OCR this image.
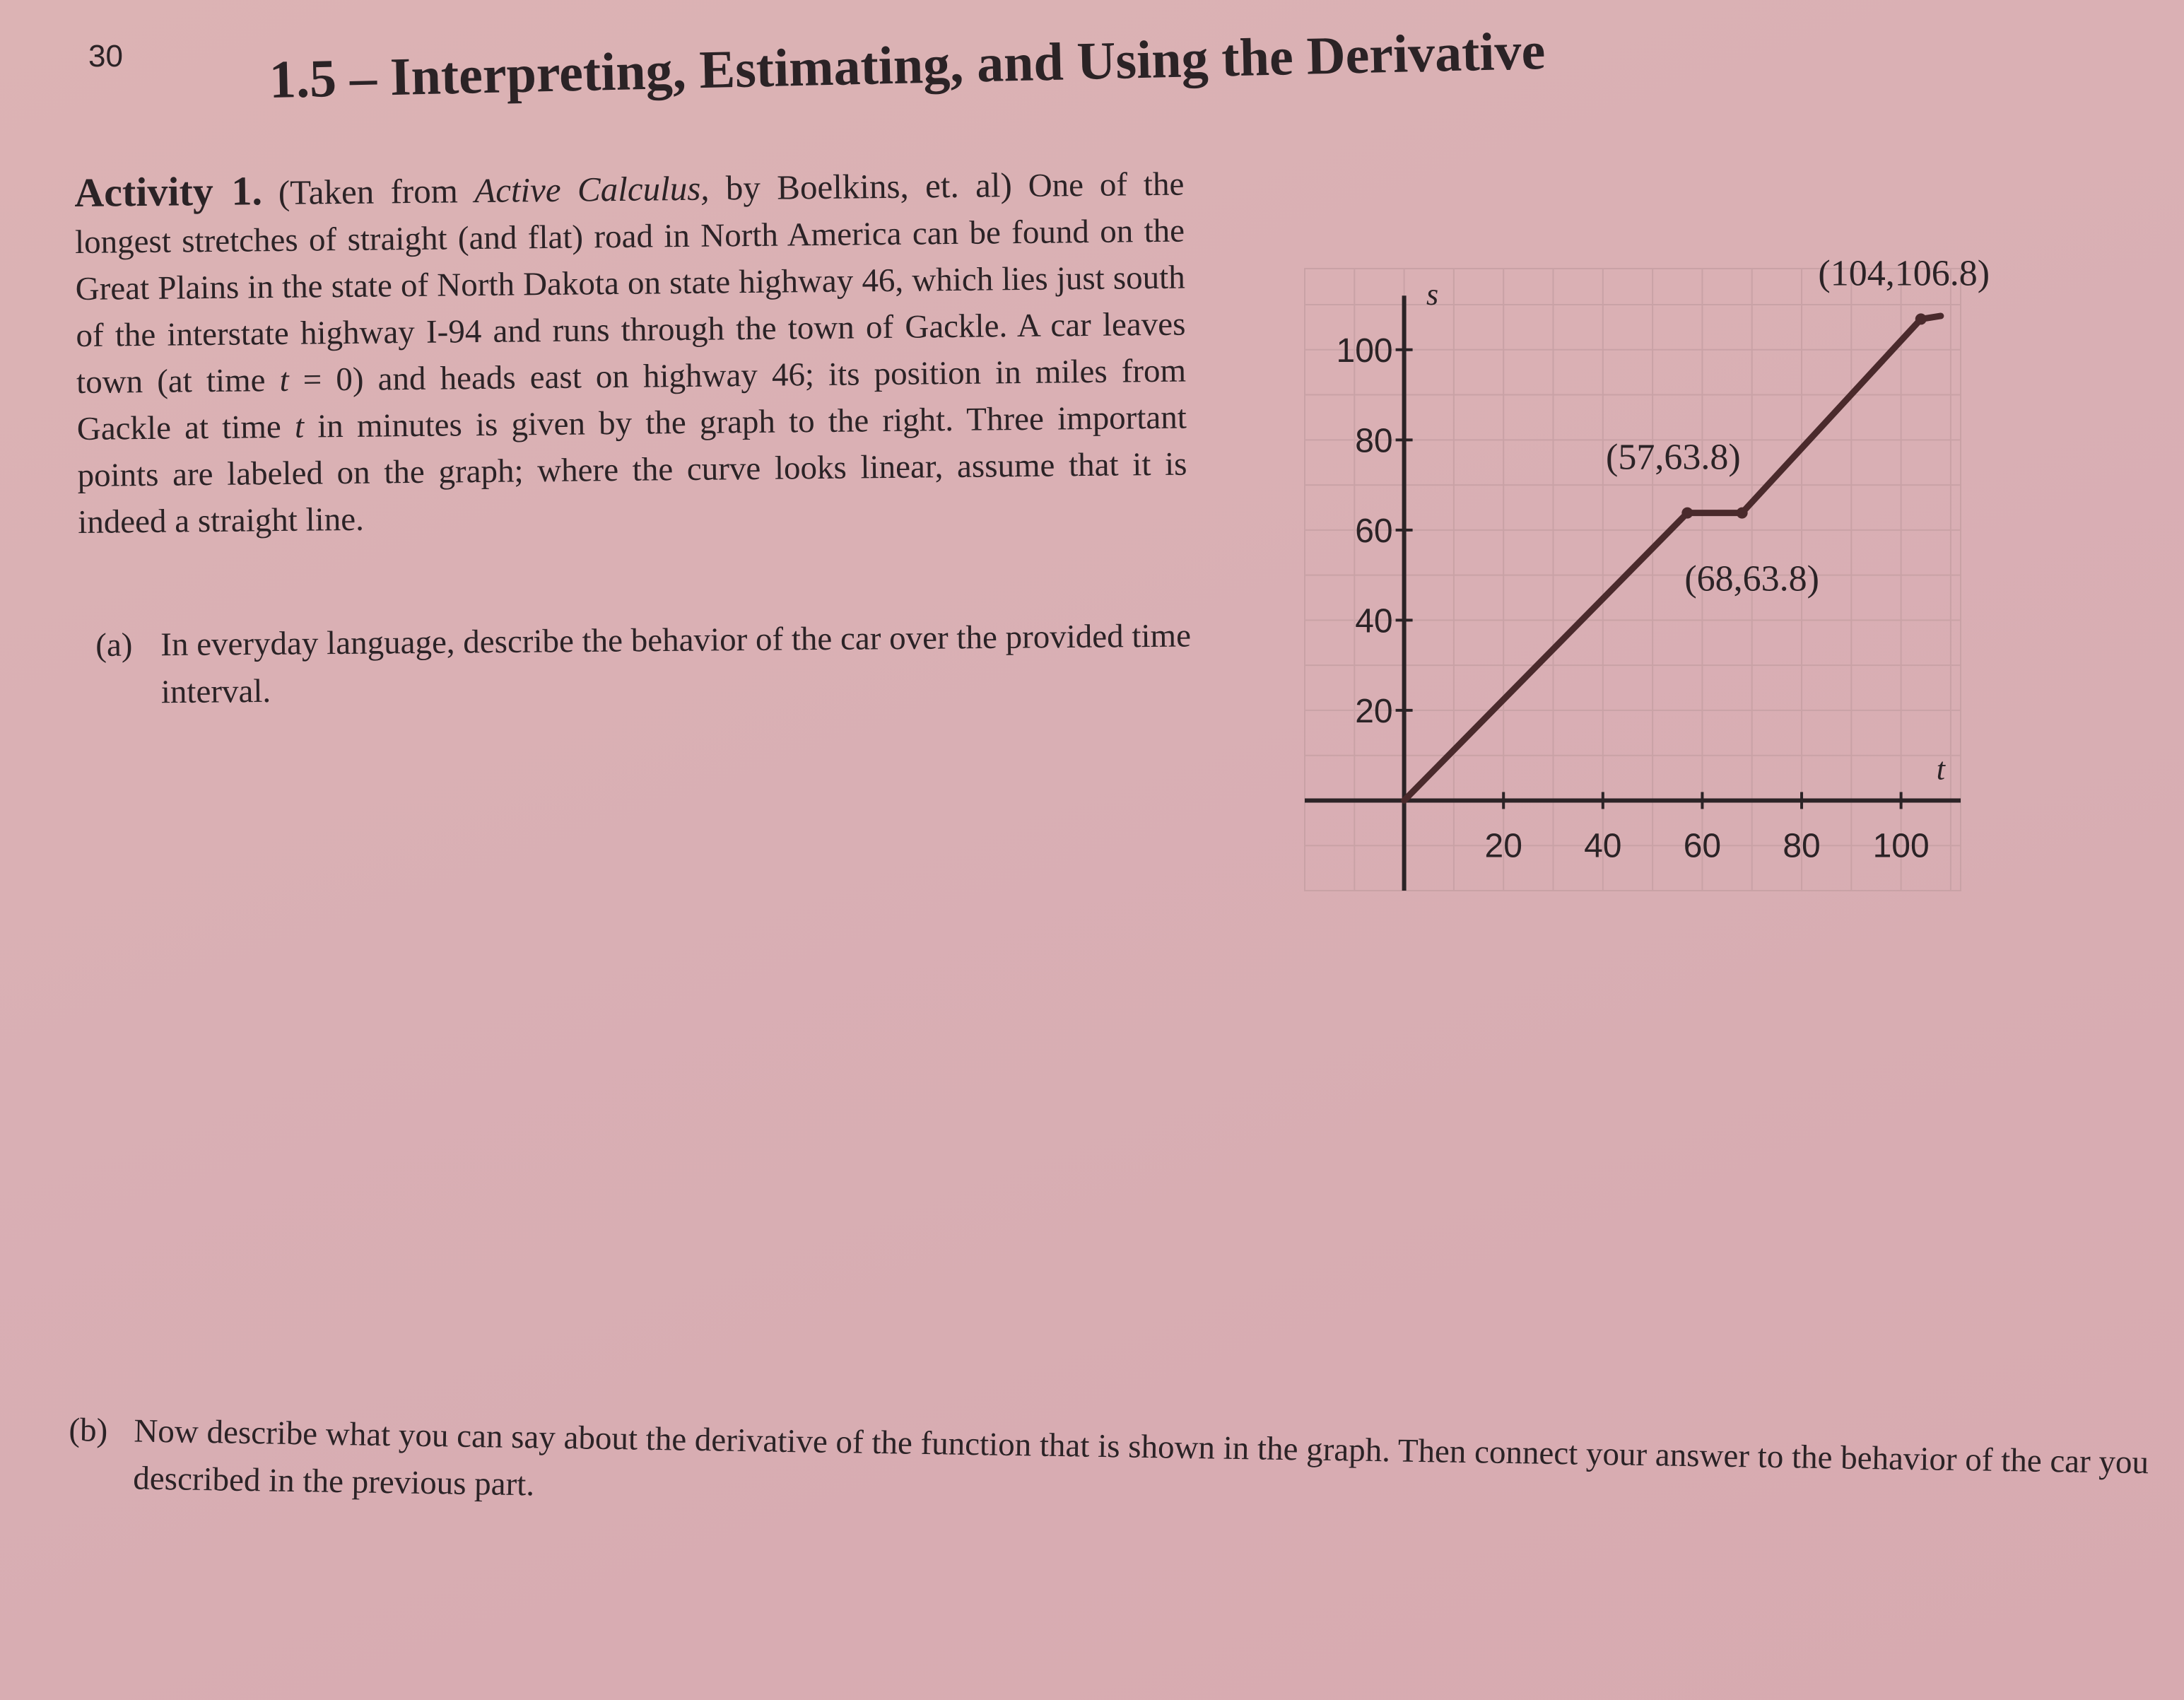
30	1.5 – Interpreting, Estimating, and Using the Derivative
Activity 1. (Taken from Active Calculus, by Boelkins, et. al) One of the longest stretches of straight (and flat) road in North America can be found on the Great Plains in the state of North Dakota on state highway 46, which lies just south of the interstate highway I-94 and runs through the town of Gackle. A car leaves town (at time t = 0) and heads east on highway 46; its position in miles from Gackle at time t in minutes is given by the graph to the right. Three important points are labeled on the graph; where the curve looks linear, assume that it is indeed a straight line.
(a) In everyday language, describe the behavior of the car over the provided time interval.
(b) Now describe what you can say about the derivative of the function that is shown in the graph. Then connect your answer to the behavior of the car you described in the previous part.
20 40 60 80 100
20
40
60
80
100
t
s
(57,63.8)
(68,63.8)
(104,106.8)
